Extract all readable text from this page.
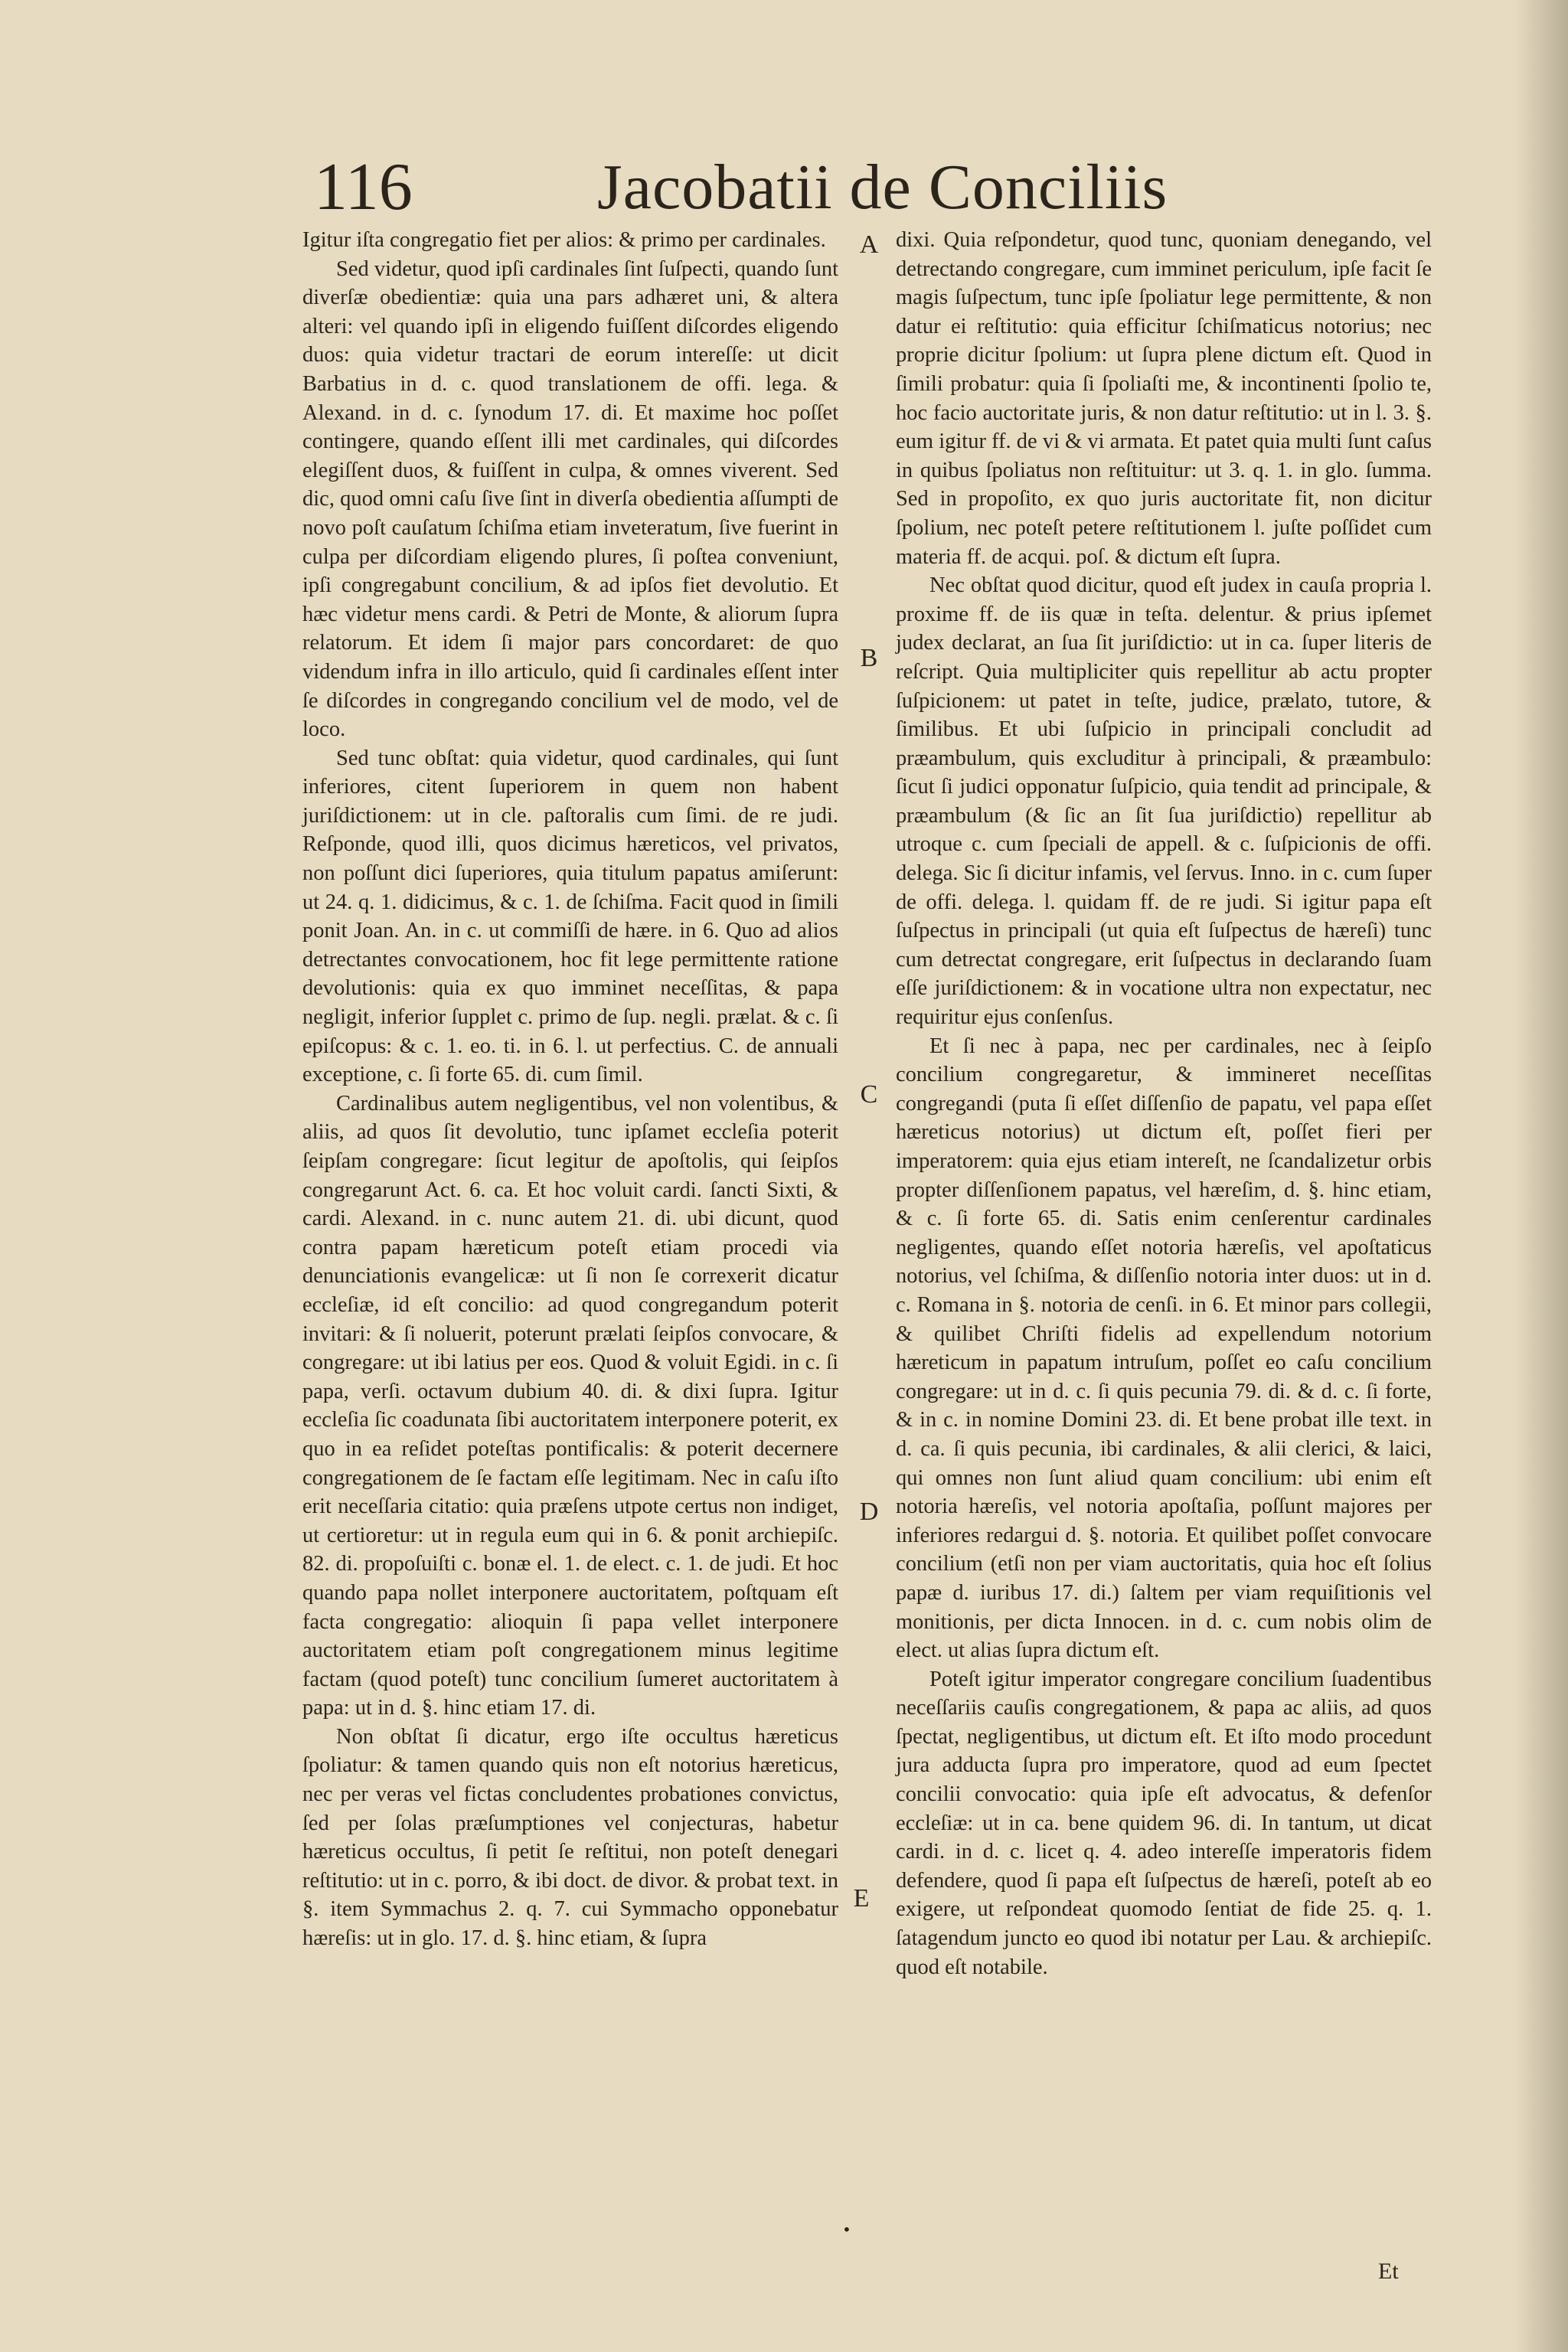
116	Jacobatii de Conciliis

Igitur iſta congregatio fiet per alios: & primo per cardinales.

Sed videtur, quod ipſi cardinales ſint ſuſpecti, quando ſunt diverſæ obedientiæ: quia una pars adhæret uni, & altera alteri: vel quando ipſi in eligendo fuiſſent diſcordes eligendo duos: quia videtur tractari de eorum intereſſe: ut dicit Barbatius in d. c. quod translationem de offi. lega. & Alexand. in d. c. ſynodum 17. di. Et maxime hoc poſſet contingere, quando eſſent illi met cardinales, qui diſcordes elegiſſent duos, & fuiſſent in culpa, & omnes viverent. Sed dic, quod omni caſu ſive ſint in diverſa obedientia aſſumpti de novo poſt cauſatum ſchiſma etiam inveteratum, ſive fuerint in culpa per diſcordiam eligendo plures, ſi poſtea conveniunt, ipſi congregabunt concilium, & ad ipſos fiet devolutio. Et hæc videtur mens cardi. & Petri de Monte, & aliorum ſupra relatorum. Et idem ſi major pars concordaret: de quo videndum infra in illo articulo, quid ſi cardinales eſſent inter ſe diſcordes in congregando concilium vel de modo, vel de loco.

Sed tunc obſtat: quia videtur, quod cardinales, qui ſunt inferiores, citent ſuperiorem in quem non habent juriſdictionem: ut in cle. paſtoralis cum ſimi. de re judi. Reſponde, quod illi, quos dicimus hæreticos, vel privatos, non poſſunt dici ſuperiores, quia titulum papatus amiſerunt: ut 24. q. 1. didicimus, & c. 1. de ſchiſma. Facit quod in ſimili ponit Joan. An. in c. ut commiſſi de hære. in 6. Quo ad alios detrectantes convocationem, hoc fit lege permittente ratione devolutionis: quia ex quo imminet neceſſitas, & papa negligit, inferior ſupplet c. primo de ſup. negli. prælat. & c. ſi epiſcopus: & c. 1. eo. ti. in 6. l. ut perfectius. C. de annuali exceptione, c. ſi forte 65. di. cum ſimil.

Cardinalibus autem negligentibus, vel non volentibus, & aliis, ad quos ſit devolutio, tunc ipſamet eccleſia poterit ſeipſam congregare: ſicut legitur de apoſtolis, qui ſeipſos congregarunt Act. 6. ca. Et hoc voluit cardi. ſancti Sixti, & cardi. Alexand. in c. nunc autem 21. di. ubi dicunt, quod contra papam hæreticum poteſt etiam procedi via denunciationis evangelicæ: ut ſi non ſe correxerit dicatur eccleſiæ, id eſt concilio: ad quod congregandum poterit invitari: & ſi noluerit, poterunt prælati ſeipſos convocare, & congregare: ut ibi latius per eos. Quod & voluit Egidi. in c. ſi papa, verſi. octavum dubium 40. di. & dixi ſupra. Igitur eccleſia ſic coadunata ſibi auctoritatem interponere poterit, ex quo in ea reſidet poteſtas pontificalis: & poterit decernere congregationem de ſe factam eſſe legitimam. Nec in caſu iſto erit neceſſaria citatio: quia præſens utpote certus non indiget, ut certioretur: ut in regula eum qui in 6. & ponit archiepiſc. 82. di. propoſuiſti c. bonæ el. 1. de elect. c. 1. de judi. Et hoc quando papa nollet interponere auctoritatem, poſtquam eſt facta congregatio: alioquin ſi papa vellet interponere auctoritatem etiam poſt congregationem minus legitime factam (quod poteſt) tunc concilium ſumeret auctoritatem à papa: ut in d. §. hinc etiam 17. di.

Non obſtat ſi dicatur, ergo iſte occultus hæreticus ſpoliatur: & tamen quando quis non eſt notorius hæreticus, nec per veras vel fictas concludentes probationes convictus, ſed per ſolas præſumptiones vel conjecturas, habetur hæreticus occultus, ſi petit ſe reſtitui, non poteſt denegari reſtitutio: ut in c. porro, & ibi doct. de divor. & probat text. in §. item Symmachus 2. q. 7. cui Symmacho opponebatur hæreſis: ut in glo. 17. d. §. hinc etiam, & ſupra

dixi. Quia reſpondetur, quod tunc, quoniam denegando, vel detrectando congregare, cum imminet periculum, ipſe facit ſe magis ſuſpectum, tunc ipſe ſpoliatur lege permittente, & non datur ei reſtitutio: quia efficitur ſchiſmaticus notorius; nec proprie dicitur ſpolium: ut ſupra plene dictum eſt. Quod in ſimili probatur: quia ſi ſpoliaſti me, & incontinenti ſpolio te, hoc facio auctoritate juris, & non datur reſtitutio: ut in l. 3. §. eum igitur ff. de vi & vi armata. Et patet quia multi ſunt caſus in quibus ſpoliatus non reſtituitur: ut 3. q. 1. in glo. ſumma. Sed in propoſito, ex quo juris auctoritate fit, non dicitur ſpolium, nec poteſt petere reſtitutionem l. juſte poſſidet cum materia ff. de acqui. poſ. & dictum eſt ſupra.

Nec obſtat quod dicitur, quod eſt judex in cauſa propria l. proxime ff. de iis quæ in teſta. delentur. & prius ipſemet judex declarat, an ſua ſit juriſdictio: ut in ca. ſuper literis de reſcript. Quia multipliciter quis repellitur ab actu propter ſuſpicionem: ut patet in teſte, judice, prælato, tutore, & ſimilibus. Et ubi ſuſpicio in principali concludit ad præambulum, quis excluditur à principali, & præambulo: ſicut ſi judici opponatur ſuſpicio, quia tendit ad principale, & præambulum (& ſic an ſit ſua juriſdictio) repellitur ab utroque c. cum ſpeciali de appell. & c. ſuſpicionis de offi. delega. Sic ſi dicitur infamis, vel ſervus. Inno. in c. cum ſuper de offi. delega. l. quidam ff. de re judi. Si igitur papa eſt ſuſpectus in principali (ut quia eſt ſuſpectus de hæreſi) tunc cum detrectat congregare, erit ſuſpectus in declarando ſuam eſſe juriſdictionem: & in vocatione ultra non expectatur, nec requiritur ejus conſenſus.

Et ſi nec à papa, nec per cardinales, nec à ſeipſo concilium congregaretur, & immineret neceſſitas congregandi (puta ſi eſſet diſſenſio de papatu, vel papa eſſet hæreticus notorius) ut dictum eſt, poſſet fieri per imperatorem: quia ejus etiam intereſt, ne ſcandalizetur orbis propter diſſenſionem papatus, vel hæreſim, d. §. hinc etiam, & c. ſi forte 65. di. Satis enim cenſerentur cardinales negligentes, quando eſſet notoria hæreſis, vel apoſtaticus notorius, vel ſchiſma, & diſſenſio notoria inter duos: ut in d. c. Romana in §. notoria de cenſi. in 6. Et minor pars collegii, & quilibet Chriſti fidelis ad expellendum notorium hæreticum in papatum intruſum, poſſet eo caſu concilium congregare: ut in d. c. ſi quis pecunia 79. di. & d. c. ſi forte, & in c. in nomine Domini 23. di. Et bene probat ille text. in d. ca. ſi quis pecunia, ibi cardinales, & alii clerici, & laici, qui omnes non ſunt aliud quam concilium: ubi enim eſt notoria hæreſis, vel notoria apoſtaſia, poſſunt majores per inferiores redargui d. §. notoria. Et quilibet poſſet convocare concilium (etſi non per viam auctoritatis, quia hoc eſt ſolius papæ d. iuribus 17. di.) ſaltem per viam requiſitionis vel monitionis, per dicta Innocen. in d. c. cum nobis olim de elect. ut alias ſupra dictum eſt.

Poteſt igitur imperator congregare concilium ſuadentibus neceſſariis cauſis congregationem, & papa ac aliis, ad quos ſpectat, negligentibus, ut dictum eſt. Et iſto modo procedunt jura adducta ſupra pro imperatore, quod ad eum ſpectet concilii convocatio: quia ipſe eſt advocatus, & defenſor eccleſiæ: ut in ca. bene quidem 96. di. In tantum, ut dicat cardi. in d. c. licet q. 4. adeo intereſſe imperatoris fidem defendere, quod ſi papa eſt ſuſpectus de hæreſi, poteſt ab eo exigere, ut reſpondeat quomodo ſentiat de fide 25. q. 1. ſatagendum juncto eo quod ibi notatur per Lau. & archiepiſc. quod eſt notabile.

A
B
C
D
E
•
Et
